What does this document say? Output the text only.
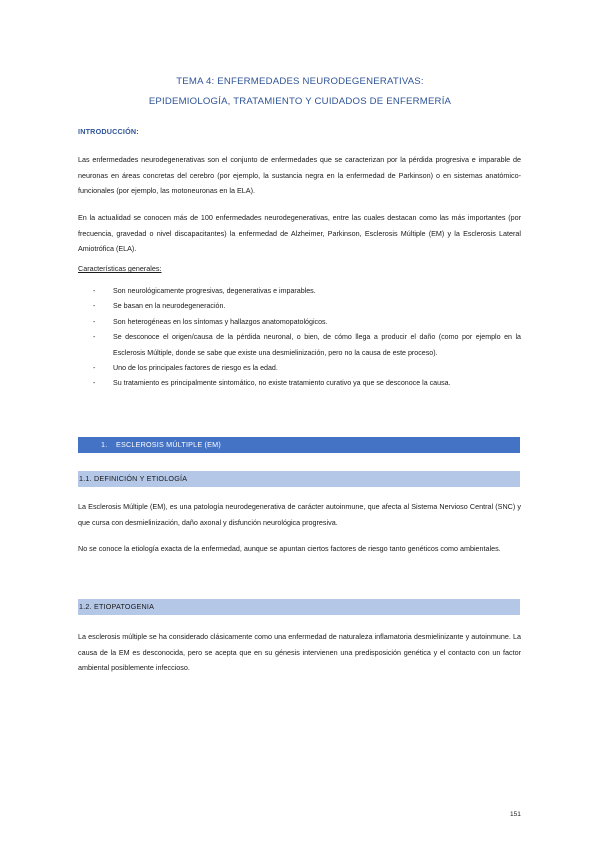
TEMA 4: ENFERMEDADES NEURODEGENERATIVAS:
EPIDEMIOLOGÍA, TRATAMIENTO Y CUIDADOS DE ENFERMERÍA
INTRODUCCIÓN:

Las enfermedades neurodegenerativas son el conjunto de enfermedades que se caracterizan por la pérdida progresiva e imparable de neuronas en áreas concretas del cerebro (por ejemplo, la sustancia negra en la enfermedad de Parkinson) o en sistemas anatómico-funcionales (por ejemplo, las motoneuronas en la ELA).

En la actualidad se conocen más de 100 enfermedades neurodegenerativas, entre las cuales destacan como las más importantes (por frecuencia, gravedad o nivel discapacitantes) la enfermedad de Alzheimer, Parkinson, Esclerosis Múltiple (EM) y la Esclerosis Lateral Amiotrófica (ELA).

Características generales:
- Son neurológicamente progresivas, degenerativas e imparables.
- Se basan en la neurodegeneración.
- Son heterogéneas en los síntomas y hallazgos anatomopatológicos.
- Se desconoce el origen/causa de la pérdida neuronal, o bien, de cómo llega a producir el daño (como por ejemplo en la Esclerosis Múltiple, donde se sabe que existe una desmielinización, pero no la causa de este proceso).
- Uno de los principales factores de riesgo es la edad.
- Su tratamiento es principalmente sintomático, no existe tratamiento curativo ya que se desconoce la causa.
1. ESCLEROSIS MÚLTIPLE (EM)
1.1. DEFINICIÓN Y ETIOLOGÍA

La Esclerosis Múltiple (EM), es una patología neurodegenerativa de carácter autoinmune, que afecta al Sistema Nervioso Central (SNC) y que cursa con desmielinización, daño axonal y disfunción neurológica progresiva.

No se conoce la etiología exacta de la enfermedad, aunque se apuntan ciertos factores de riesgo tanto genéticos como ambientales.

1.2. ETIOPATOGENIA

La esclerosis múltiple se ha considerado clásicamente como una enfermedad de naturaleza inflamatoria desmielinizante y autoinmune. La causa de la EM es desconocida, pero se acepta que en su génesis intervienen una predisposición genética y el contacto con un factor ambiental posiblemente infeccioso.

151
